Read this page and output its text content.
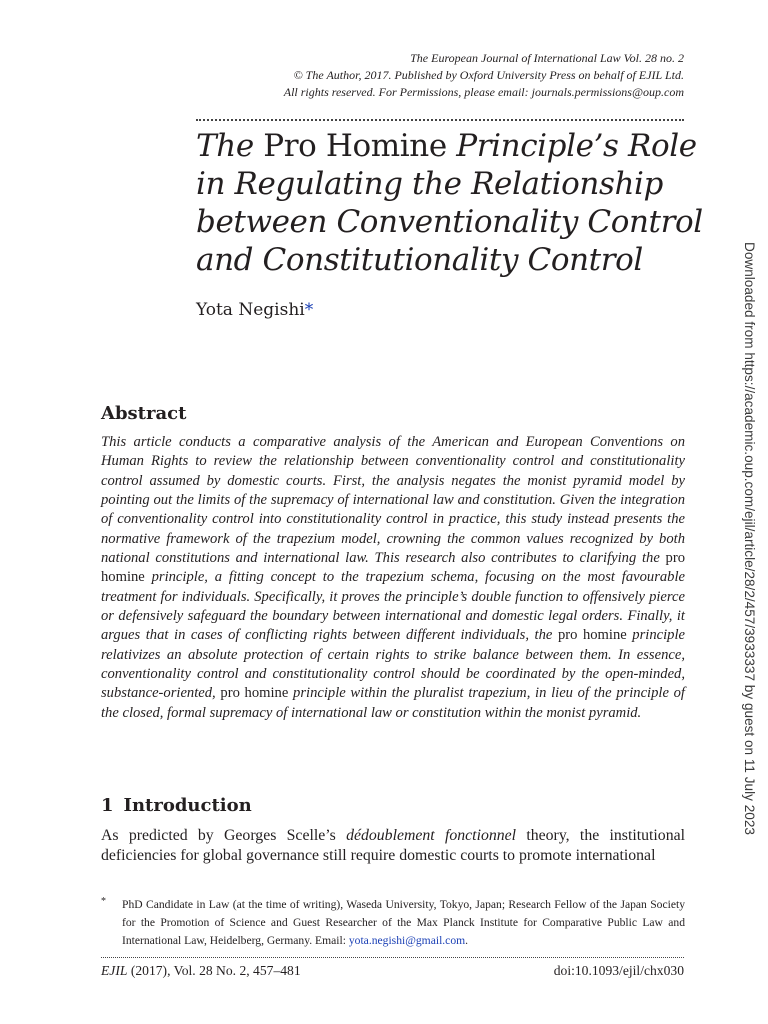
The European Journal of International Law Vol. 28 no. 2
© The Author, 2017. Published by Oxford University Press on behalf of EJIL Ltd.
All rights reserved. For Permissions, please email: journals.permissions@oup.com
The Pro Homine Principle’s Role
in Regulating the Relationship
between Conventionality Control
and Constitutionality Control
Yota Negishi*	Downloaded from https://academic.oup.com/ejil/article/28/2/457/3933337 by guest on 11 July 2023
Abstract

This article conducts a comparative analysis of the American and European Conventions on Human Rights to review the relationship between conventionality control and constitutionality control assumed by domestic courts. First, the analysis negates the monist pyramid model by pointing out the limits of the supremacy of international law and constitution. Given the integration of conventionality control into constitutionality control in practice, this study instead presents the normative framework of the trapezium model, crowning the common values recognized by both national constitutions and international law. This research also contributes to clarifying the pro homine principle, a fitting concept to the trapezium schema, focusing on the most favourable treatment for individuals. Specifically, it proves the principle’s double function to offensively pierce or defensively safeguard the boundary between international and domestic legal orders. Finally, it argues that in cases of conflicting rights between different individuals, the pro homine principle relativizes an absolute protection of certain rights to strike balance between them. In essence, conventionality control and constitutionality control should be coordinated by the open-minded, substance-oriented, pro homine principle within the pluralist trapezium, in lieu of the principle of the closed, formal supremacy of international law or constitution within the monist pyramid.

1 Introduction

As predicted by Georges Scelle’s dédoublement fonctionnel theory, the institutional deficiencies for global governance still require domestic courts to promote international

* PhD Candidate in Law (at the time of writing), Waseda University, Tokyo, Japan; Research Fellow of the Japan Society for the Promotion of Science and Guest Researcher of the Max Planck Institute for Comparative Public Law and International Law, Heidelberg, Germany. Email: yota.negishi@gmail.com.
EJIL (2017), Vol. 28 No. 2, 457–481	doi:10.1093/ejil/chx030
